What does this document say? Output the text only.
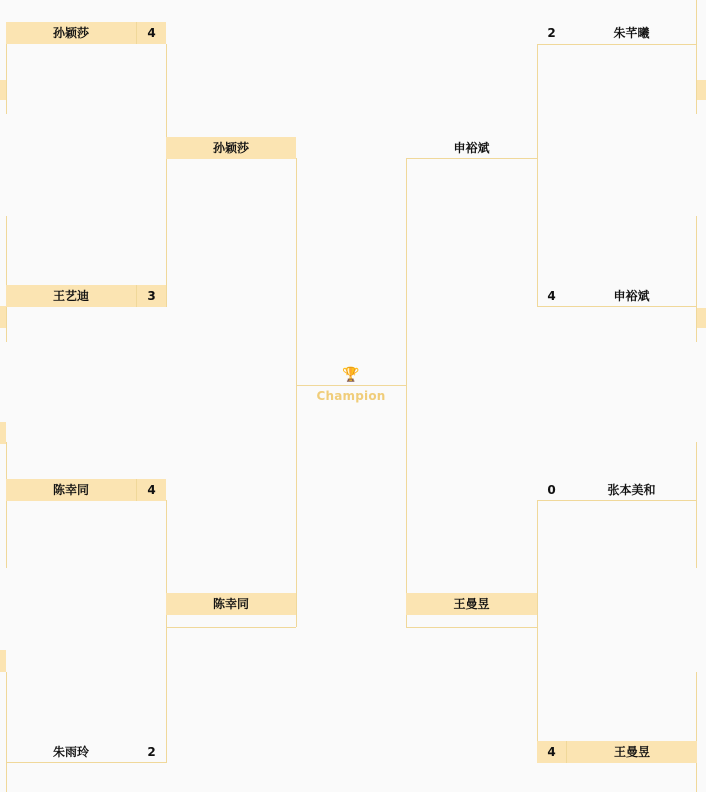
孙颖莎	4
王艺迪	3
陈幸同	4
朱雨玲	2
孙颖莎
陈幸同
🏆
Champion
申裕斌
王曼昱
2	朱芊曦
4	申裕斌
0	张本美和
4	王曼昱
